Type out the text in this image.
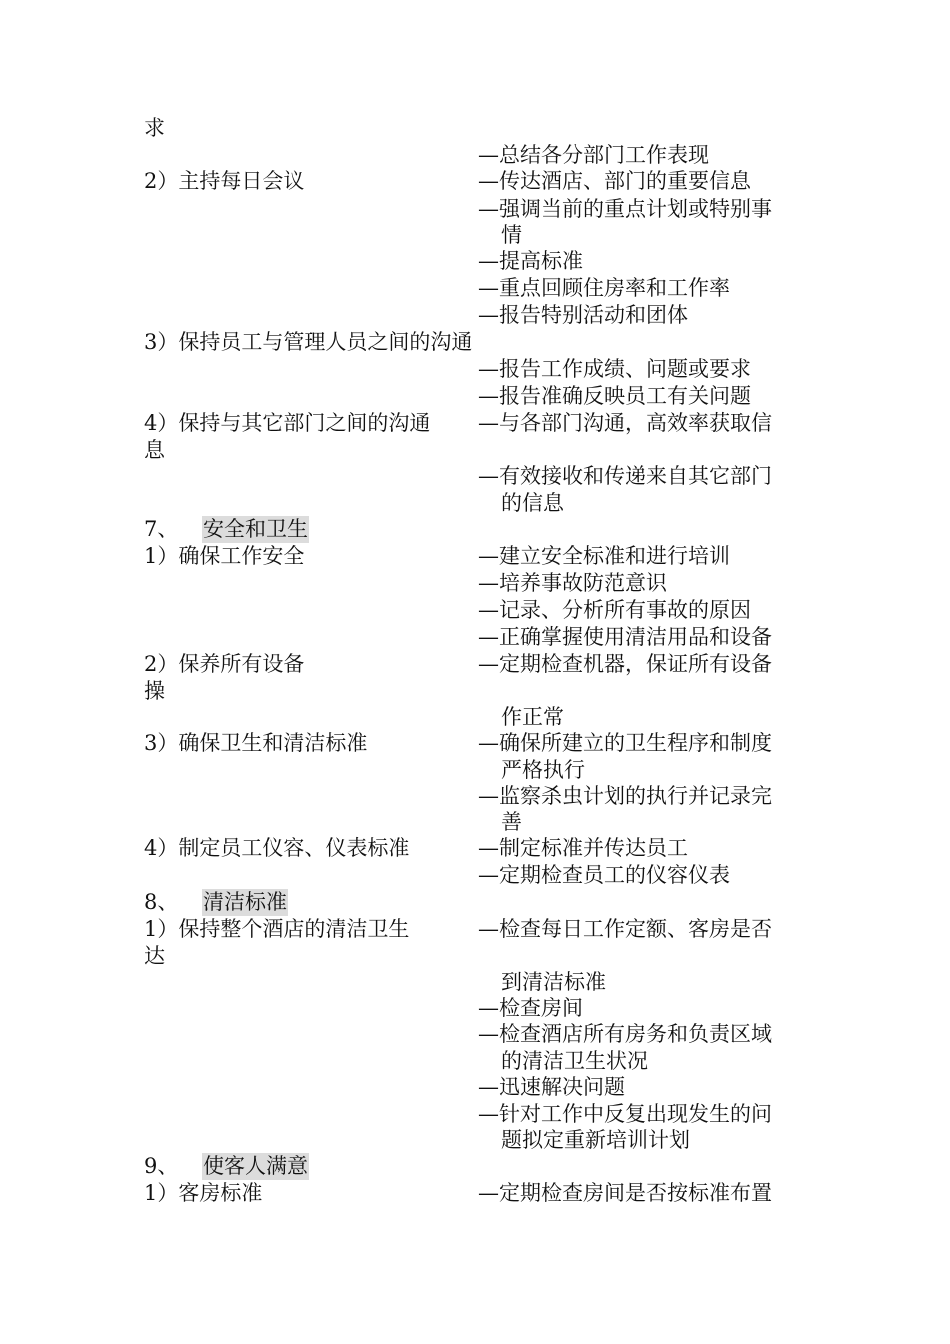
求
—总结各分部门工作表现
2）主持每日会议	—传达酒店、部门的重要信息
—强调当前的重点计划或特别事
情
—提高标准
—重点回顾住房率和工作率
—报告特别活动和团体
3）保持员工与管理人员之间的沟通
—报告工作成绩、问题或要求
—报告准确反映员工有关问题
4）保持与其它部门之间的沟通 —与各部门沟通，高效率获取信
息
—有效接收和传递来自其它部门
的信息
7、 安全和卫生
1）确保工作安全	—建立安全标准和进行培训
—培养事故防范意识
—记录、分析所有事故的原因
—正确掌握使用清洁用品和设备
2）保养所有设备	—定期检查机器，保证所有设备
操
作正常
3）确保卫生和清洁标准	—确保所建立的卫生程序和制度
严格执行
—监察杀虫计划的执行并记录完
善
4）制定员工仪容、仪表标准	—制定标准并传达员工
—定期检查员工的仪容仪表
8、 清洁标准
1）保持整个酒店的清洁卫生	—检查每日工作定额、客房是否
达
到清洁标准
—检查房间
—检查酒店所有房务和负责区域
的清洁卫生状况
—迅速解决问题
—针对工作中反复出现发生的问
题拟定重新培训计划
9、 使客人满意
1）客房标准	—定期检查房间是否按标准布置
